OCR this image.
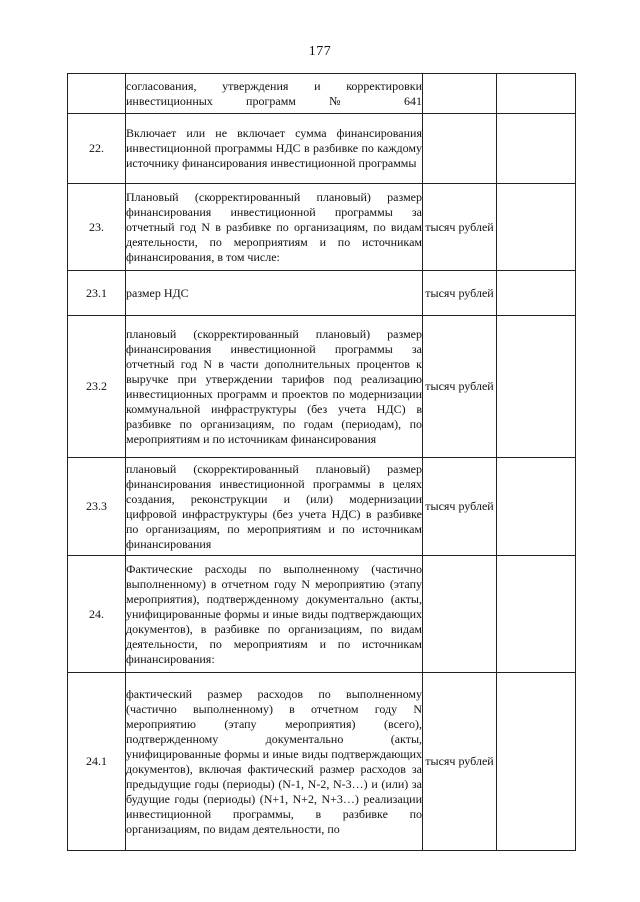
177
	согласования, утверждения и корректировки инвестиционных программ № 641		
22.	Включает или не включает сумма финансирования инвестиционной программы НДС в разбивке по каждому источнику финансирования инвестиционной программы		
23.	Плановый (скорректированный плановый) размер финансирования инвестиционной программы за отчетный год N в разбивке по организациям, по видам деятельности, по мероприятиям и по источникам финансирования, в том числе:	тысяч рублей	
23.1	размер НДС	тысяч рублей	
23.2	плановый (скорректированный плановый) размер финансирования инвестиционной программы за отчетный год N в части дополнительных процентов к выручке при утверждении тарифов под реализацию инвестиционных программ и проектов по модернизации коммунальной инфраструктуры (без учета НДС) в разбивке по организациям, по годам (периодам), по мероприятиям и по источникам финансирования	тысяч рублей	
23.3	плановый (скорректированный плановый) размер финансирования инвестиционной программы в целях создания, реконструкции и (или) модернизации цифровой инфраструктуры (без учета НДС) в разбивке по организациям, по мероприятиям и по источникам финансирования	тысяч рублей	
24.	Фактические расходы по выполненному (частично выполненному) в отчетном году N мероприятию (этапу мероприятия), подтвержденному документально (акты, унифицированные формы и иные виды подтверждающих документов), в разбивке по организациям, по видам деятельности, по мероприятиям и по источникам финансирования:		
24.1	фактический размер расходов по выполненному (частично выполненному) в отчетном году N мероприятию (этапу мероприятия) (всего), подтвержденному документально (акты, унифицированные формы и иные виды подтверждающих документов), включая фактический размер расходов за предыдущие годы (периоды) (N-1, N-2, N-3…) и (или) за будущие годы (периоды) (N+1, N+2, N+3…) реализации инвестиционной программы, в разбивке по организациям, по видам деятельности, по	тысяч рублей	
